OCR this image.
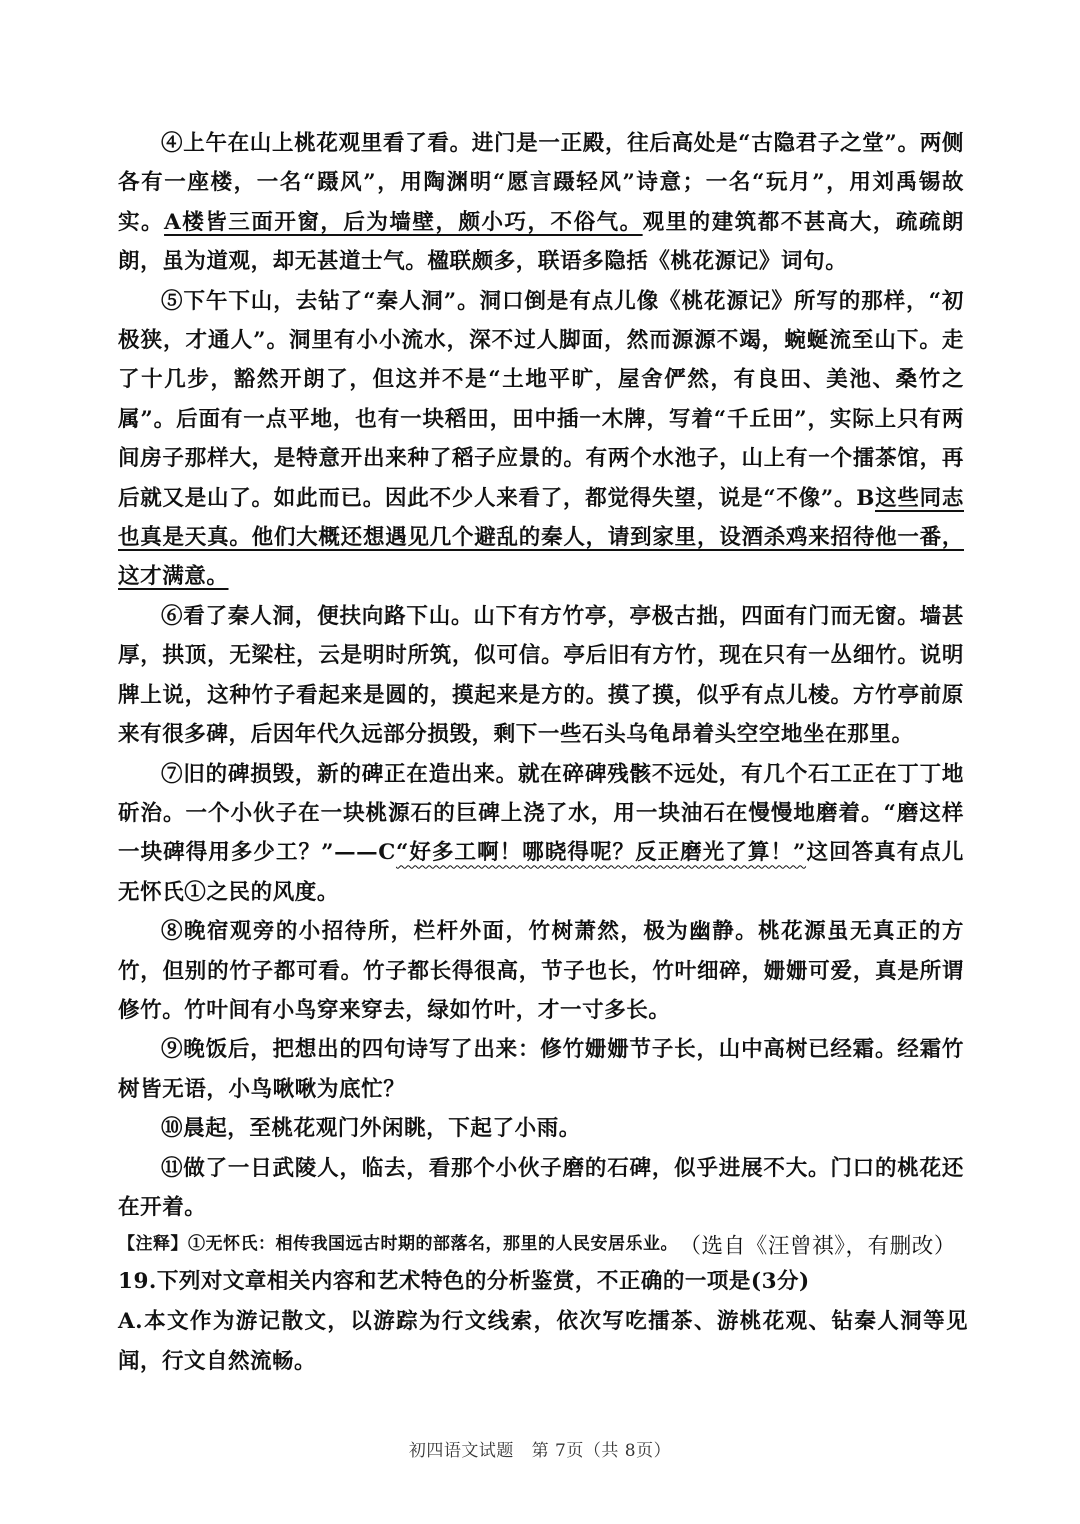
④上午在山上桃花观里看了看。进门是一正殿，往后高处是“古隐君子之堂”。两侧各有一座楼，一名“蹑风”，用陶渊明“愿言蹑轻风”诗意；一名“玩月”，用刘禹锡故实。A楼皆三面开窗，后为墙壁，颇小巧，不俗气。观里的建筑都不甚高大，疏疏朗朗，虽为道观，却无甚道士气。楹联颇多，联语多隐括《桃花源记》词句。

⑤下午下山，去钻了“秦人洞”。洞口倒是有点儿像《桃花源记》所写的那样，“初极狭，才通人”。洞里有小小流水，深不过人脚面，然而源源不竭，蜿蜒流至山下。走了十几步，豁然开朗了，但这并不是“土地平旷，屋舍俨然，有良田、美池、桑竹之属”。后面有一点平地，也有一块稻田，田中插一木牌，写着“千丘田”，实际上只有两间房子那样大，是特意开出来种了稻子应景的。有两个水池子，山上有一个擂茶馆，再后就又是山了。如此而已。因此不少人来看了，都觉得失望，说是“不像”。B这些同志也真是天真。他们大概还想遇见几个避乱的秦人，请到家里，设酒杀鸡来招待他一番，这才满意。

⑥看了秦人洞，便扶向路下山。山下有方竹亭，亭极古拙，四面有门而无窗。墙甚厚，拱顶，无梁柱，云是明时所筑，似可信。亭后旧有方竹，现在只有一丛细竹。说明牌上说，这种竹子看起来是圆的，摸起来是方的。摸了摸，似乎有点儿棱。方竹亭前原来有很多碑，后因年代久远部分损毁，剩下一些石头乌龟昂着头空空地坐在那里。

⑦旧的碑损毁，新的碑正在造出来。就在碎碑残骸不远处，有几个石工正在丁丁地斫治。一个小伙子在一块桃源石的巨碑上浇了水，用一块油石在慢慢地磨着。“磨这样一块碑得用多少工？”——C“好多工啊！哪晓得呢？反正磨光了算！”这回答真有点儿无怀氏①之民的风度。

⑧晚宿观旁的小招待所，栏杆外面，竹树萧然，极为幽静。桃花源虽无真正的方竹，但别的竹子都可看。竹子都长得很高，节子也长，竹叶细碎，姗姗可爱，真是所谓修竹。竹叶间有小鸟穿来穿去，绿如竹叶，才一寸多长。

⑨晚饭后，把想出的四句诗写了出来：修竹姗姗节子长，山中高树已经霜。经霜竹树皆无语，小鸟啾啾为底忙？

⑩晨起，至桃花观门外闲眺，下起了小雨。

⑪做了一日武陵人，临去，看那个小伙子磨的石碑，似乎进展不大。门口的桃花还在开着。

（选自《汪曾祺》，有删改）

【注释】①无怀氏：相传我国远古时期的部落名，那里的人民安居乐业。

19.下列对文章相关内容和艺术特色的分析鉴赏，不正确的一项是(3分)

A.本文作为游记散文，以游踪为行文线索，依次写吃擂茶、游桃花观、钻秦人洞等见闻，行文自然流畅。

初四语文试题 第 7页（共 8页）
